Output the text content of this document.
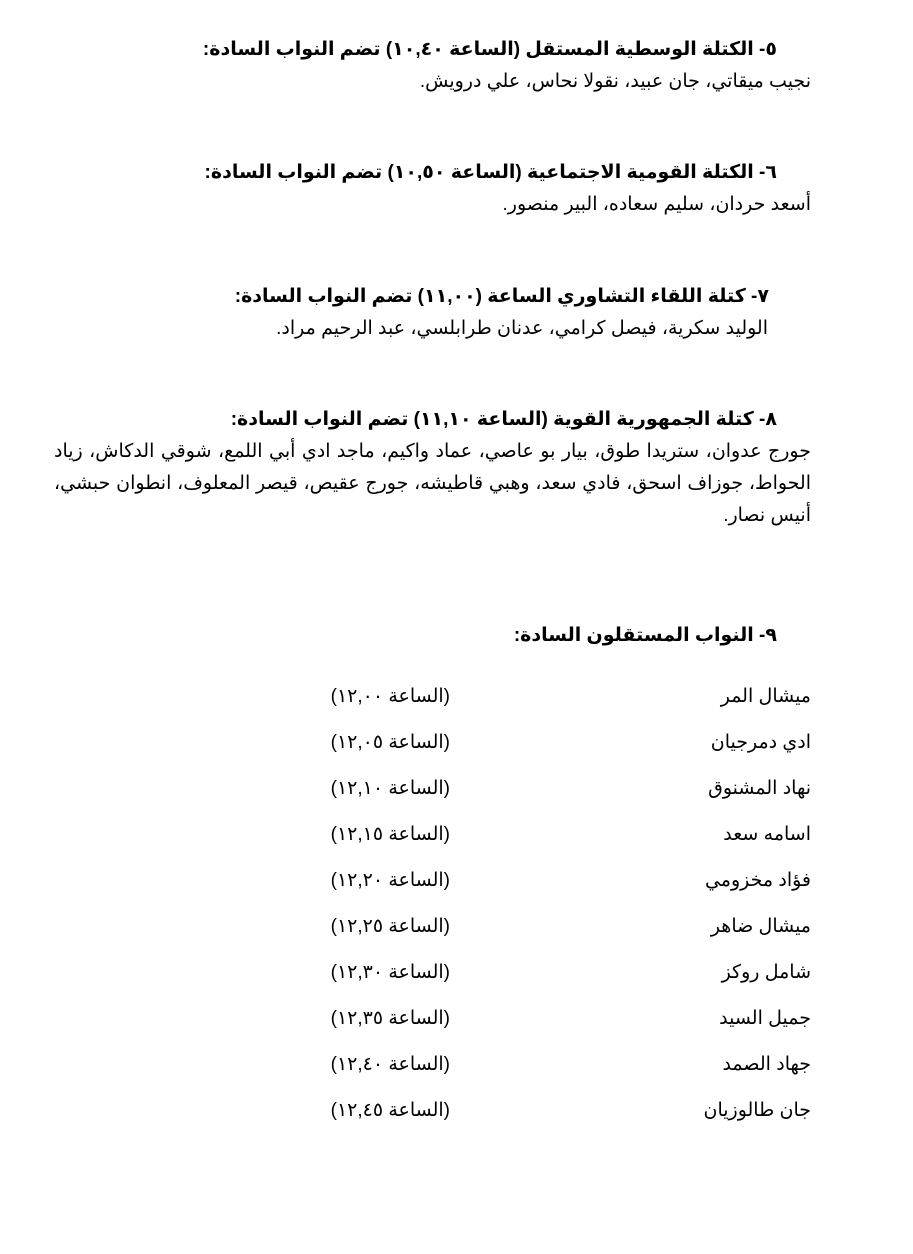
٥- الكتلة الوسطية المستقل (الساعة ١٠,٤٠) تضم النواب السادة:
نجيب ميقاتي، جان عبيد، نقولا نحاس، علي درويش.
٦- الكتلة القومية الاجتماعية (الساعة ١٠,٥٠) تضم النواب السادة:
أسعد حردان، سليم سعاده، البير منصور.
٧- كتلة اللقاء التشاوري الساعة (١١,٠٠) تضم النواب السادة:
الوليد سكرية، فيصل كرامي، عدنان طرابلسي، عبد الرحيم مراد.
٨- كتلة الجمهورية القوية (الساعة ١١,١٠) تضم النواب السادة:
جورج عدوان، ستريدا طوق، بيار بو عاصي، عماد واكيم، ماجد ادي أبي اللمع، شوقي الدكاش، زياد الحواط، جوزاف اسحق، فادي سعد، وهبي قاطيشه، جورج عقيص، قيصر المعلوف، انطوان حبشي، أنيس نصار.
٩- النواب المستقلون السادة:
ميشال المر
(الساعة ١٢,٠٠)
ادي دمرجيان
(الساعة ١٢,٠٥)
نهاد المشنوق
(الساعة ١٢,١٠)
اسامه سعد
(الساعة ١٢,١٥)
فؤاد مخزومي
(الساعة ١٢,٢٠)
ميشال ضاهر
(الساعة ١٢,٢٥)
شامل روكز
(الساعة ١٢,٣٠)
جميل السيد
(الساعة ١٢,٣٥)
جهاد الصمد
(الساعة ١٢,٤٠)
جان طالوزيان
(الساعة ١٢,٤٥)
